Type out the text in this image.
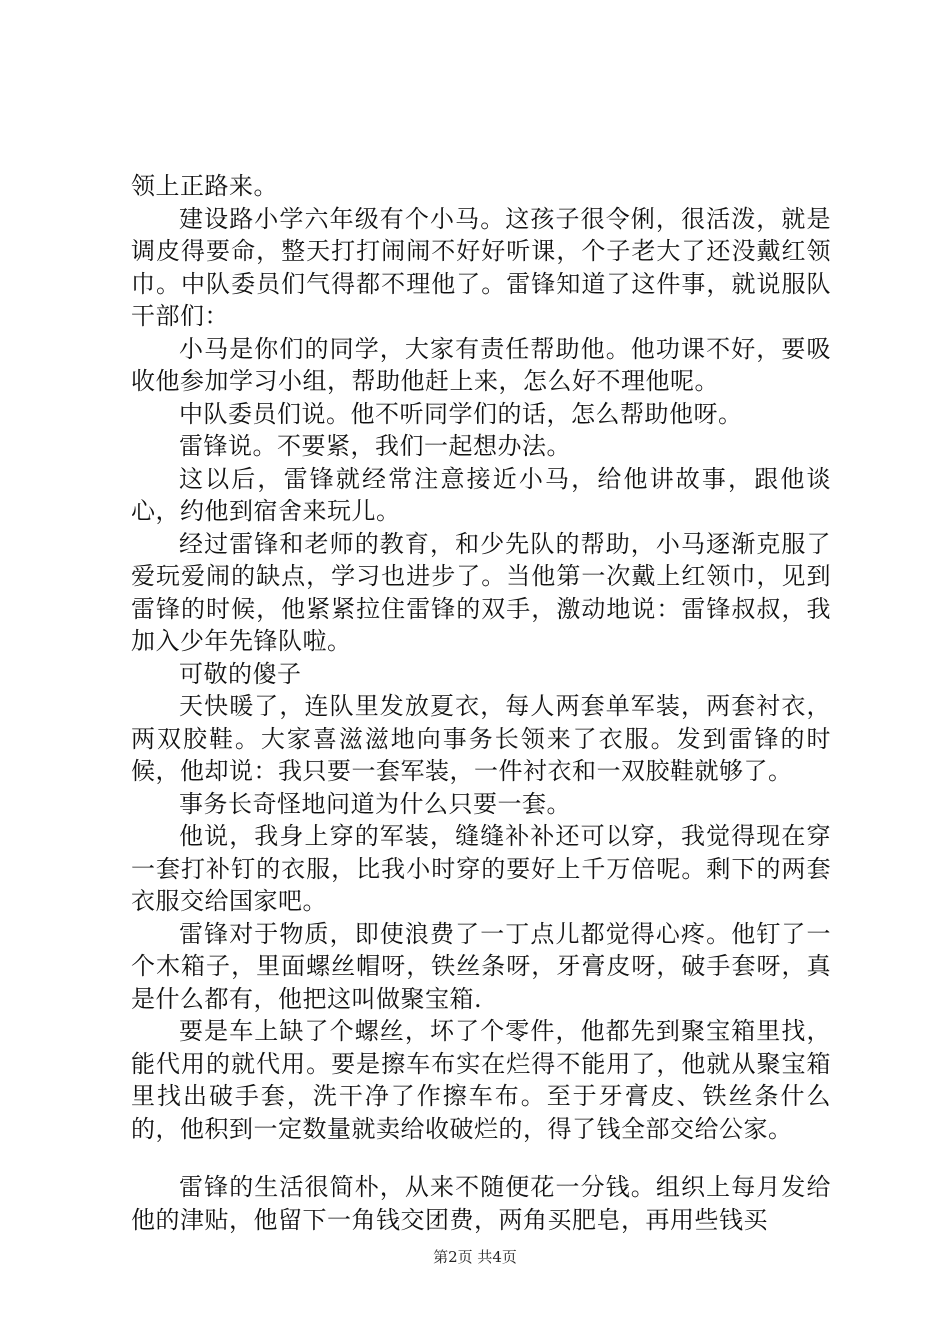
领上正路来。

建设路小学六年级有个小马。这孩子很令俐，很活泼，就是调皮得要命，整天打打闹闹不好好听课，个子老大了还没戴红领巾。中队委员们气得都不理他了。雷锋知道了这件事，就说服队干部们：

小马是你们的同学，大家有责任帮助他。他功课不好，要吸收他参加学习小组，帮助他赶上来，怎么好不理他呢。

中队委员们说。他不听同学们的话，怎么帮助他呀。

雷锋说。不要紧，我们一起想办法。

这以后，雷锋就经常注意接近小马，给他讲故事，跟他谈心，约他到宿舍来玩儿。

经过雷锋和老师的教育，和少先队的帮助，小马逐渐克服了爱玩爱闹的缺点，学习也进步了。当他第一次戴上红领巾，见到雷锋的时候，他紧紧拉住雷锋的双手，激动地说：雷锋叔叔，我加入少年先锋队啦。

可敬的傻子

天快暖了，连队里发放夏衣，每人两套单军装，两套衬衣，两双胶鞋。大家喜滋滋地向事务长领来了衣服。发到雷锋的时候，他却说：我只要一套军装，一件衬衣和一双胶鞋就够了。

事务长奇怪地问道为什么只要一套。

他说，我身上穿的军装，缝缝补补还可以穿，我觉得现在穿一套打补钉的衣服，比我小时穿的要好上千万倍呢。剩下的两套衣服交给国家吧。

雷锋对于物质，即使浪费了一丁点儿都觉得心疼。他钉了一个木箱子，里面螺丝帽呀，铁丝条呀，牙膏皮呀，破手套呀，真是什么都有，他把这叫做聚宝箱.

要是车上缺了个螺丝，坏了个零件，他都先到聚宝箱里找，能代用的就代用。要是擦车布实在烂得不能用了，他就从聚宝箱里找出破手套，洗干净了作擦车布。至于牙膏皮、铁丝条什么的，他积到一定数量就卖给收破烂的，得了钱全部交给公家。

雷锋的生活很简朴，从来不随便花一分钱。组织上每月发给他的津贴，他留下一角钱交团费，两角买肥皂，再用些钱买

第2页 共4页
